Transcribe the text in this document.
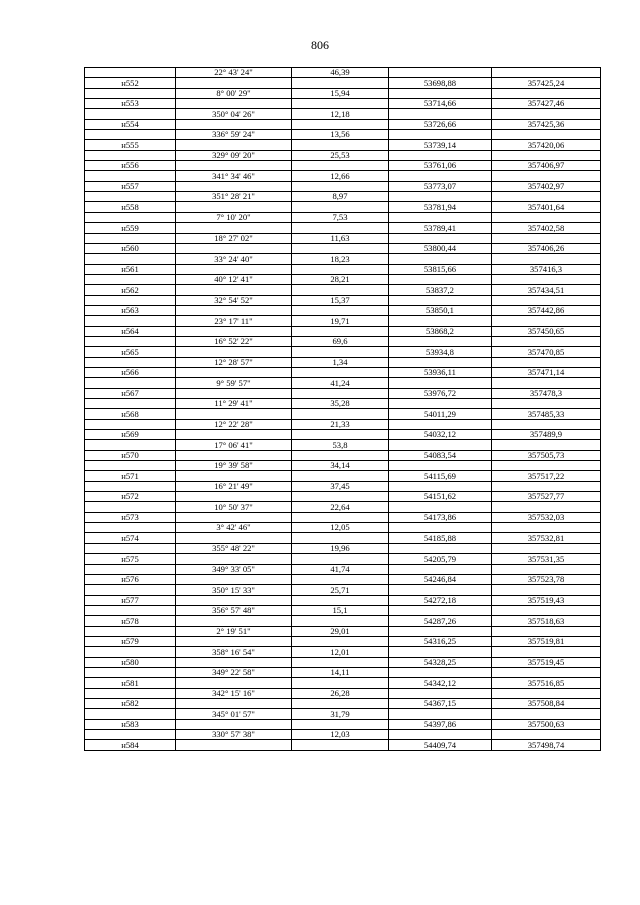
806
	22° 43' 24"	46,39		
н552			53698,88	357425,24
	8° 00' 29"	15,94		
н553			53714,66	357427,46
	350° 04' 26"	12,18		
н554			53726,66	357425,36
	336° 59' 24"	13,56		
н555			53739,14	357420,06
	329° 09' 20"	25,53		
н556			53761,06	357406,97
	341° 34' 46"	12,66		
н557			53773,07	357402,97
	351° 28' 21"	8,97		
н558			53781,94	357401,64
	7° 10' 20"	7,53		
н559			53789,41	357402,58
	18° 27' 02"	11,63		
н560			53800,44	357406,26
	33° 24' 40"	18,23		
н561			53815,66	357416,3
	40° 12' 41"	28,21		
н562			53837,2	357434,51
	32° 54' 52"	15,37		
н563			53850,1	357442,86
	23° 17' 11"	19,71		
н564			53868,2	357450,65
	16° 52' 22"	69,6		
н565			53934,8	357470,85
	12° 28' 57"	1,34		
н566			53936,11	357471,14
	9° 59' 57"	41,24		
н567			53976,72	357478,3
	11° 29' 41"	35,28		
н568			54011,29	357485,33
	12° 22' 28"	21,33		
н569			54032,12	357489,9
	17° 06' 41"	53,8		
н570			54083,54	357505,73
	19° 39' 58"	34,14		
н571			54115,69	357517,22
	16° 21' 49"	37,45		
н572			54151,62	357527,77
	10° 50' 37"	22,64		
н573			54173,86	357532,03
	3° 42' 46"	12,05		
н574			54185,88	357532,81
	355° 48' 22"	19,96		
н575			54205,79	357531,35
	349° 33' 05"	41,74		
н576			54246,84	357523,78
	350° 15' 33"	25,71		
н577			54272,18	357519,43
	356° 57' 48"	15,1		
н578			54287,26	357518,63
	2° 19' 51"	29,01		
н579			54316,25	357519,81
	358° 16' 54"	12,01		
н580			54328,25	357519,45
	349° 22' 58"	14,11		
н581			54342,12	357516,85
	342° 15' 16"	26,28		
н582			54367,15	357508,84
	345° 01' 57"	31,79		
н583			54397,86	357500,63
	330° 57' 38"	12,03		
н584			54409,74	357498,74
